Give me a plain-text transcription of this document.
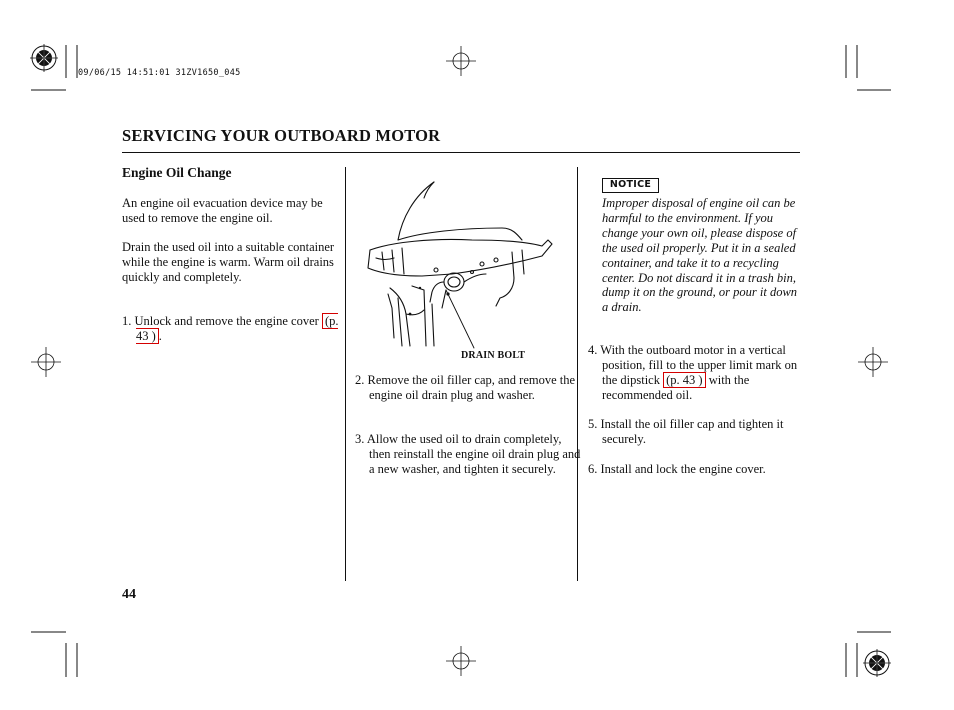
09/06/15 14:51:01 31ZV1650_045
SERVICING YOUR OUTBOARD MOTOR
Engine Oil Change

An engine oil evacuation device may be used to remove the engine oil.

Drain the used oil into a suitable container while the engine is warm. Warm oil drains quickly and completely.

1. Unlock and remove the engine cover (p. 43 ) .
DRAIN BOLT
2. Remove the oil filler cap, and remove the engine oil drain plug and washer.
3. Allow the used oil to drain completely, then reinstall the engine oil drain plug and a new washer, and tighten it securely.
NOTICE

Improper disposal of engine oil can be harmful to the environment. If you change your own oil, please dispose of the used oil properly. Put it in a sealed container, and take it to a recycling center. Do not discard it in a trash bin, dump it on the ground, or pour it down a drain.

4. With the outboard motor in a vertical position, fill to the upper limit mark on the dipstick (p. 43 ) with the recommended oil.
5. Install the oil filler cap and tighten it securely.
6. Install and lock the engine cover.
44
